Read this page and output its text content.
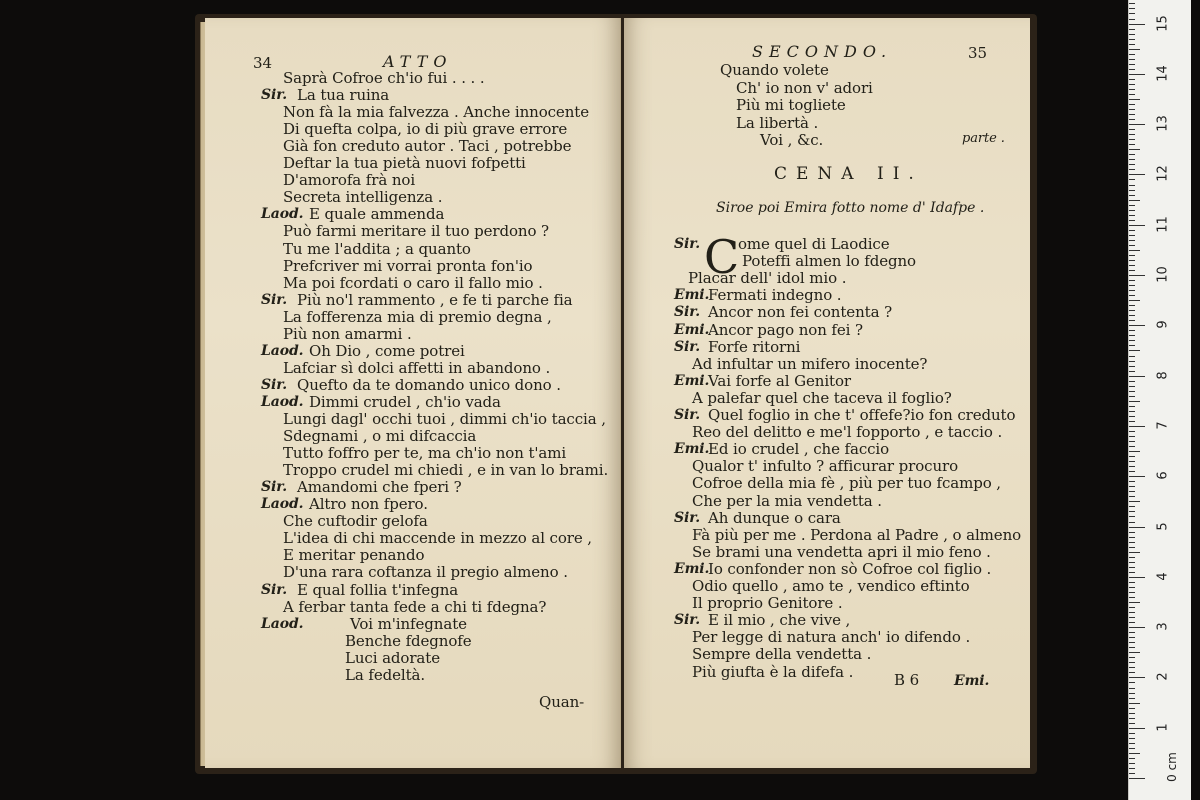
34	ATTO
Saprà Cofroe ch'io fui . . . .
Sir. La tua ruina
Non fà la mia falvezza . Anche innocente
Di quefta colpa, io di più grave errore
Già fon creduto autor . Taci , potrebbe
Deftar la tua pietà nuovi fofpetti
D'amorofa frà noi
Secreta intelligenza .
Laod. E quale ammenda
Può farmi meritare il tuo perdono ?
Tu me l'addita ; a quanto
Prefcriver mi vorrai pronta fon'io
Ma poi fcordati o caro il fallo mio .
Sir. Più no'l rammento , e fe ti parche fia
La fofferenza mia di premio degna ,
Più non amarmi .
Laod. Oh Dio , come potrei
Lafciar sì dolci affetti in abandono .
Sir. Quefto da te domando unico dono .
Laod. Dimmi crudel , ch'io vada
Lungi dagl' occhi tuoi , dimmi ch'io taccia ,
Sdegnami , o mi difcaccia
Tutto foffro per te, ma ch'io non t'ami
Troppo crudel mi chiedi , e in van lo brami.
Sir. Amandomi che fperi ?
Laod. Altro non fpero.
Che cuftodir gelofa
L'idea di chi maccende in mezzo al core ,
E meritar penando
D'una rara coftanza il pregio almeno .
Sir. E qual follia t'infegna
A ferbar tanta fede a chi ti fdegna?
Laod.	Voi m'infegnate
Benche fdegnofe
Luci adorate
La fedeltà.
Quan-
SECONDO.	35
Quando volete
Ch' io non v' adori
Più mi togliete
La libertà .
Voi , &c.	parte .
CENA II.
Siroe poi Emira fotto nome d' Idafpe .
C
Sir.	ome quel di Laodice
Poteffi almen lo fdegno
Placar dell' idol mio .
Emi.
Fermati indegno .
Sir. Ancor non fei contenta ?
Emi.
Ancor pago non fei ?
Sir. Forfe ritorni
Ad infultar un mifero inocente?
Emi.
Vai forfe al Genitor
A palefar quel che taceva il foglio?
Sir. Quel foglio in che t' offefe?io fon creduto
Reo del delitto e me'l fopporto , e taccio .
Emi.
Ed io crudel , che faccio
Qualor t' infulto ? afficurar procuro
Cofroe della mia fè , più per tuo fcampo ,
Che per la mia vendetta .
Sir. Ah dunque o cara
Fà più per me . Perdona al Padre , o almeno
Se brami una vendetta apri il mio feno .
Emi.
Io confonder non sò Cofroe col figlio .
Odio quello , amo te , vendico eftinto
Il proprio Genitore .
Sir. E il mio , che vive ,
Per legge di natura anch' io difendo .
Sempre della vendetta .
Più giufta è la difefa .	B 6 Emi.
1
2
3
4
5
6
7
8
9
10
11
12
13
14
15
0 cm
